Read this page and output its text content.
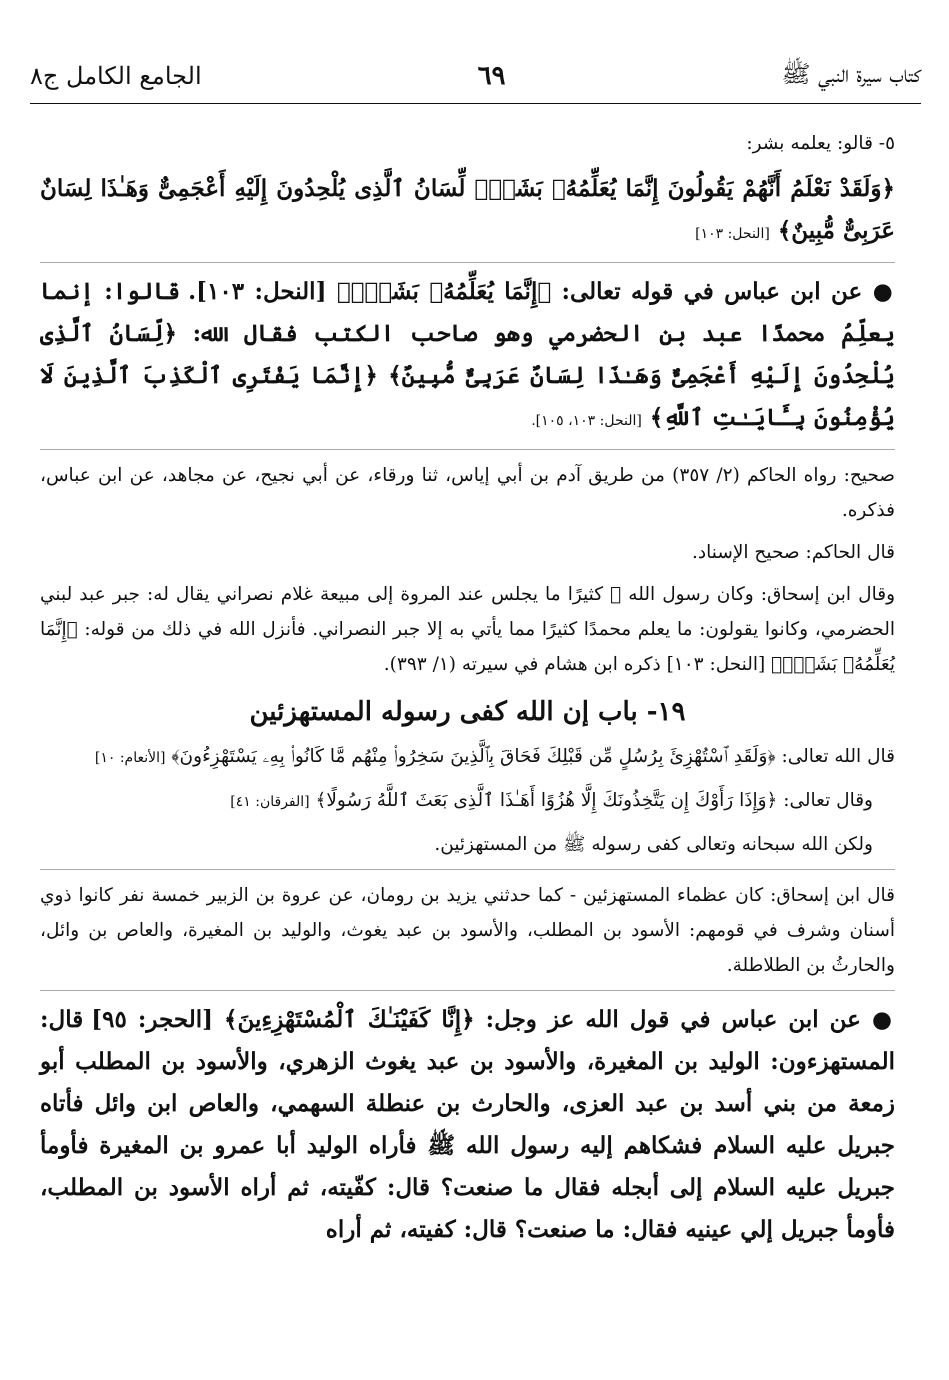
كتاب سيرة النبي ﷺ
٦٩
الجامع الكامل ج٨
٥- قالو: يعلمه بشر:
﴿وَلَقَدْ نَعْلَمُ أَنَّهُمْ يَقُولُونَ إِنَّمَا يُعَلِّمُهُۥ بَشَرٌۗ لِّسَانُ ٱلَّذِى يُلْحِدُونَ إِلَيْهِ أَعْجَمِىٌّ وَهَـٰذَا لِسَانٌ عَرَبِىٌّ مُّبِينٌ﴾ [النحل: ١٠٣]
● عن ابن عباس في قوله تعالى: ﴿إِنَّمَا يُعَلِّمُهُۥ بَشَرٌۗ﴾ [النحل: ١٠٣]. قالوا: إنما يعلِّمُ محمدًا عبد بن الحضرمي وهو صاحب الكتب فقال الله: ﴿لِّسَانُ ٱلَّذِى يُلْحِدُونَ إِلَيْهِ أَعْجَمِىٌّ وَهَـٰذَا لِسَانٌ عَرَبِىٌّ مُّبِينٌ﴾ ﴿إِنَّمَا يَفْتَرِى ٱلْكَذِبَ ٱلَّذِينَ لَا يُؤْمِنُونَ بِـَٔايَـٰتِ ٱللَّهِ﴾ [النحل: ١٠٣، ١٠٥].
صحيح: رواه الحاكم (٢/ ٣٥٧) من طريق آدم بن أبي إياس، ثنا ورقاء، عن أبي نجيح، عن مجاهد، عن ابن عباس، فذكره.
قال الحاكم: صحيح الإسناد.
وقال ابن إسحاق: وكان رسول الله ﷺ كثيرًا ما يجلس عند المروة إلى مبيعة غلام نصراني يقال له: جبر عبد لبني الحضرمي، وكانوا يقولون: ما يعلم محمدًا كثيرًا مما يأتي به إلا جبر النصراني. فأنزل الله في ذلك من قوله: ﴿إِنَّمَا يُعَلِّمُهُۥ بَشَرٌۗ﴾ [النحل: ١٠٣] ذكره ابن هشام في سيرته (١/ ٣٩٣).
١٩- باب إن الله كفى رسوله المستهزئين
قال الله تعالى: ﴿وَلَقَدِ ٱسْتُهْزِئَ بِرُسُلٍ مِّن قَبْلِكَ فَحَاقَ بِٱلَّذِينَ سَخِرُوا۟ مِنْهُم مَّا كَانُوا۟ بِهِۦ يَسْتَهْزِءُونَ﴾ [الأنعام: ١٠]
وقال تعالى: ﴿وَإِذَا رَأَوْكَ إِن يَتَّخِذُونَكَ إِلَّا هُزُوًا أَهَـٰذَا ٱلَّذِى بَعَثَ ٱللَّهُ رَسُولًا﴾ [الفرقان: ٤١]
ولكن الله سبحانه وتعالى كفى رسوله ﷺ من المستهزئين.
قال ابن إسحاق: كان عظماء المستهزئين - كما حدثني يزيد بن رومان، عن عروة بن الزبير خمسة نفر كانوا ذوي أسنان وشرف في قومهم: الأسود بن المطلب، والأسود بن عبد يغوث، والوليد بن المغيرة، والعاص بن وائل، والحارثُ بن الطلاطلة.
● عن ابن عباس في قول الله عز وجل: ﴿إِنَّا كَفَيْنَـٰكَ ٱلْمُسْتَهْزِءِينَ﴾ [الحجر: ٩٥] قال: المستهزءون: الوليد بن المغيرة، والأسود بن عبد يغوث الزهري، والأسود بن المطلب أبو زمعة من بني أسد بن عبد العزى، والحارث بن عنطلة السهمي، والعاص ابن وائل فأتاه جبريل عليه السلام فشكاهم إليه رسول الله ﷺ فأراه الوليد أبا عمرو بن المغيرة فأومأ جبريل عليه السلام إلى أبجله فقال ما صنعت؟ قال: كفّيته، ثم أراه الأسود بن المطلب، فأومأ جبريل إلي عينيه فقال: ما صنعت؟ قال: كفيته، ثم أراه
